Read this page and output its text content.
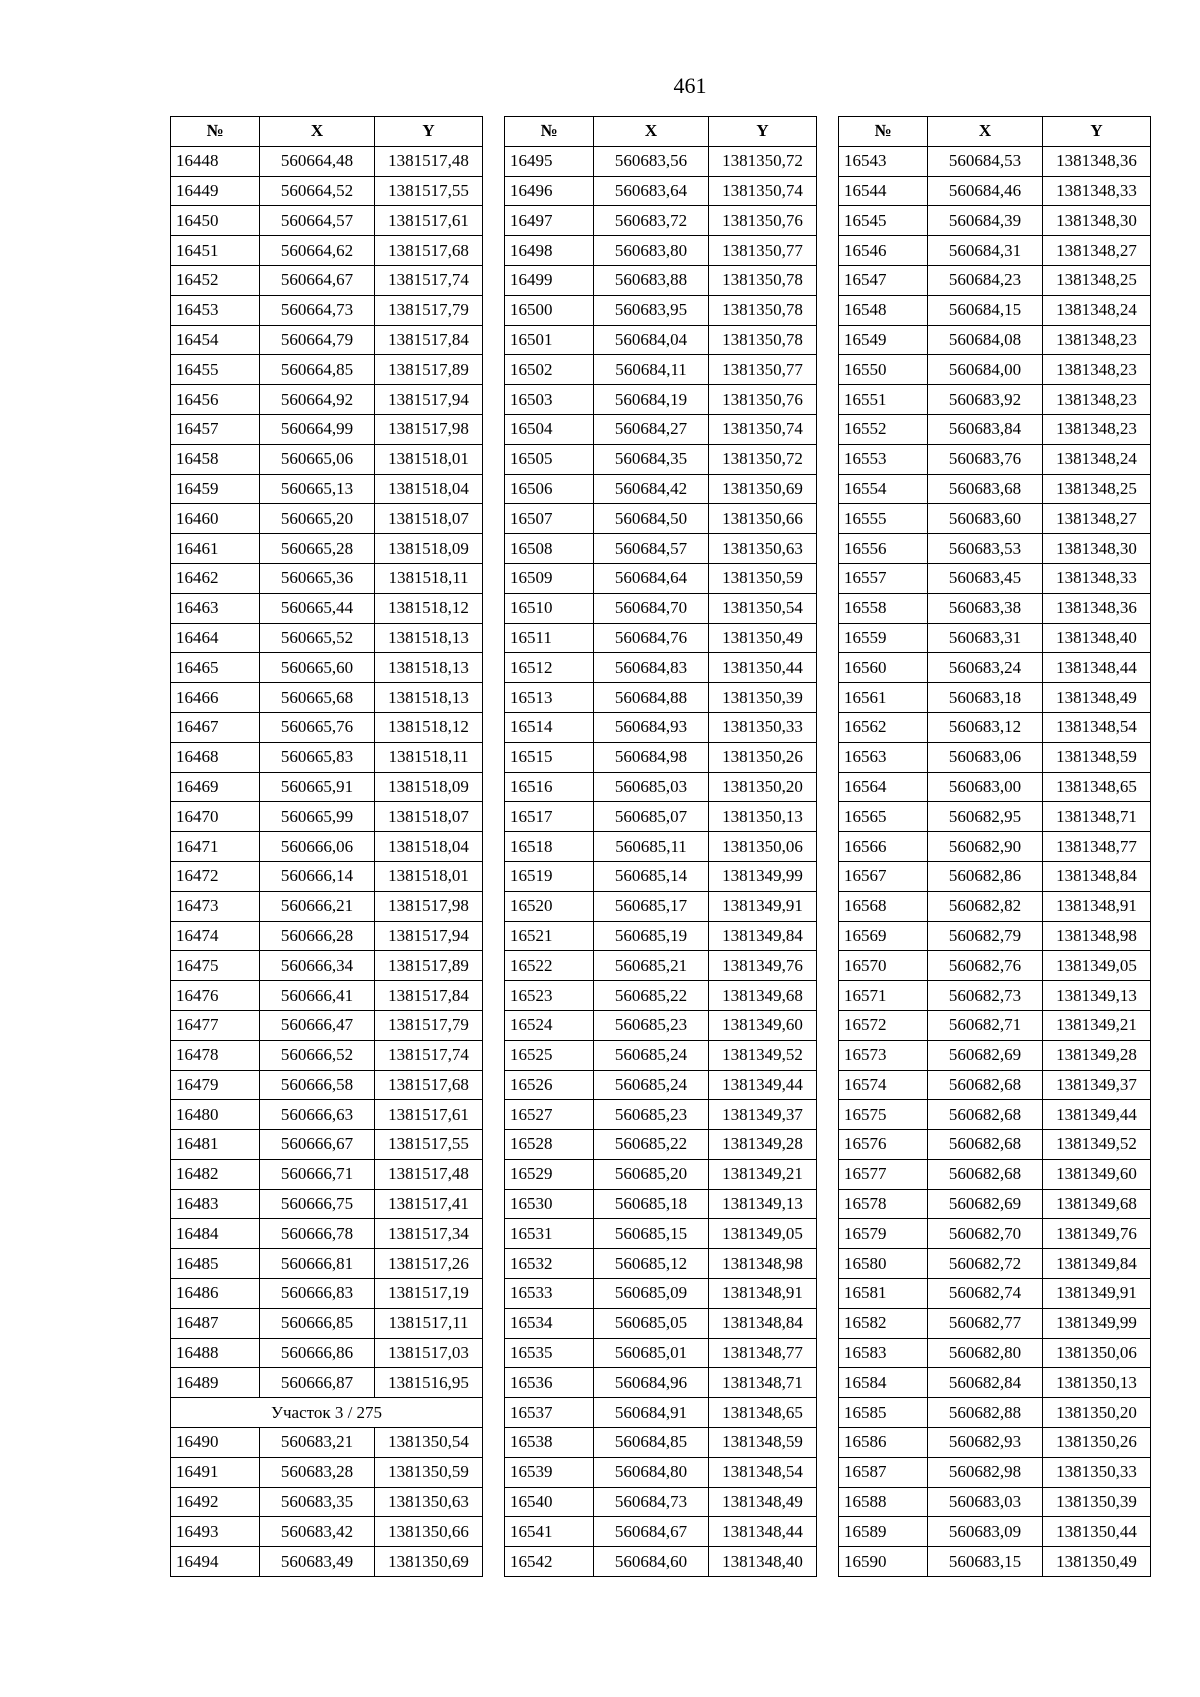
461
№	X	Y
16448	560664,48	1381517,48
16449	560664,52	1381517,55
16450	560664,57	1381517,61
16451	560664,62	1381517,68
16452	560664,67	1381517,74
16453	560664,73	1381517,79
16454	560664,79	1381517,84
16455	560664,85	1381517,89
16456	560664,92	1381517,94
16457	560664,99	1381517,98
16458	560665,06	1381518,01
16459	560665,13	1381518,04
16460	560665,20	1381518,07
16461	560665,28	1381518,09
16462	560665,36	1381518,11
16463	560665,44	1381518,12
16464	560665,52	1381518,13
16465	560665,60	1381518,13
16466	560665,68	1381518,13
16467	560665,76	1381518,12
16468	560665,83	1381518,11
16469	560665,91	1381518,09
16470	560665,99	1381518,07
16471	560666,06	1381518,04
16472	560666,14	1381518,01
16473	560666,21	1381517,98
16474	560666,28	1381517,94
16475	560666,34	1381517,89
16476	560666,41	1381517,84
16477	560666,47	1381517,79
16478	560666,52	1381517,74
16479	560666,58	1381517,68
16480	560666,63	1381517,61
16481	560666,67	1381517,55
16482	560666,71	1381517,48
16483	560666,75	1381517,41
16484	560666,78	1381517,34
16485	560666,81	1381517,26
16486	560666,83	1381517,19
16487	560666,85	1381517,11
16488	560666,86	1381517,03
16489	560666,87	1381516,95
Участок 3 / 275		
16490	560683,21	1381350,54
16491	560683,28	1381350,59
16492	560683,35	1381350,63
16493	560683,42	1381350,66
16494	560683,49	1381350,69
№	X	Y
16495	560683,56	1381350,72
16496	560683,64	1381350,74
16497	560683,72	1381350,76
16498	560683,80	1381350,77
16499	560683,88	1381350,78
16500	560683,95	1381350,78
16501	560684,04	1381350,78
16502	560684,11	1381350,77
16503	560684,19	1381350,76
16504	560684,27	1381350,74
16505	560684,35	1381350,72
16506	560684,42	1381350,69
16507	560684,50	1381350,66
16508	560684,57	1381350,63
16509	560684,64	1381350,59
16510	560684,70	1381350,54
16511	560684,76	1381350,49
16512	560684,83	1381350,44
16513	560684,88	1381350,39
16514	560684,93	1381350,33
16515	560684,98	1381350,26
16516	560685,03	1381350,20
16517	560685,07	1381350,13
16518	560685,11	1381350,06
16519	560685,14	1381349,99
16520	560685,17	1381349,91
16521	560685,19	1381349,84
16522	560685,21	1381349,76
16523	560685,22	1381349,68
16524	560685,23	1381349,60
16525	560685,24	1381349,52
16526	560685,24	1381349,44
16527	560685,23	1381349,37
16528	560685,22	1381349,28
16529	560685,20	1381349,21
16530	560685,18	1381349,13
16531	560685,15	1381349,05
16532	560685,12	1381348,98
16533	560685,09	1381348,91
16534	560685,05	1381348,84
16535	560685,01	1381348,77
16536	560684,96	1381348,71
16537	560684,91	1381348,65
16538	560684,85	1381348,59
16539	560684,80	1381348,54
16540	560684,73	1381348,49
16541	560684,67	1381348,44
16542	560684,60	1381348,40
№	X	Y
16543	560684,53	1381348,36
16544	560684,46	1381348,33
16545	560684,39	1381348,30
16546	560684,31	1381348,27
16547	560684,23	1381348,25
16548	560684,15	1381348,24
16549	560684,08	1381348,23
16550	560684,00	1381348,23
16551	560683,92	1381348,23
16552	560683,84	1381348,23
16553	560683,76	1381348,24
16554	560683,68	1381348,25
16555	560683,60	1381348,27
16556	560683,53	1381348,30
16557	560683,45	1381348,33
16558	560683,38	1381348,36
16559	560683,31	1381348,40
16560	560683,24	1381348,44
16561	560683,18	1381348,49
16562	560683,12	1381348,54
16563	560683,06	1381348,59
16564	560683,00	1381348,65
16565	560682,95	1381348,71
16566	560682,90	1381348,77
16567	560682,86	1381348,84
16568	560682,82	1381348,91
16569	560682,79	1381348,98
16570	560682,76	1381349,05
16571	560682,73	1381349,13
16572	560682,71	1381349,21
16573	560682,69	1381349,28
16574	560682,68	1381349,37
16575	560682,68	1381349,44
16576	560682,68	1381349,52
16577	560682,68	1381349,60
16578	560682,69	1381349,68
16579	560682,70	1381349,76
16580	560682,72	1381349,84
16581	560682,74	1381349,91
16582	560682,77	1381349,99
16583	560682,80	1381350,06
16584	560682,84	1381350,13
16585	560682,88	1381350,20
16586	560682,93	1381350,26
16587	560682,98	1381350,33
16588	560683,03	1381350,39
16589	560683,09	1381350,44
16590	560683,15	1381350,49
